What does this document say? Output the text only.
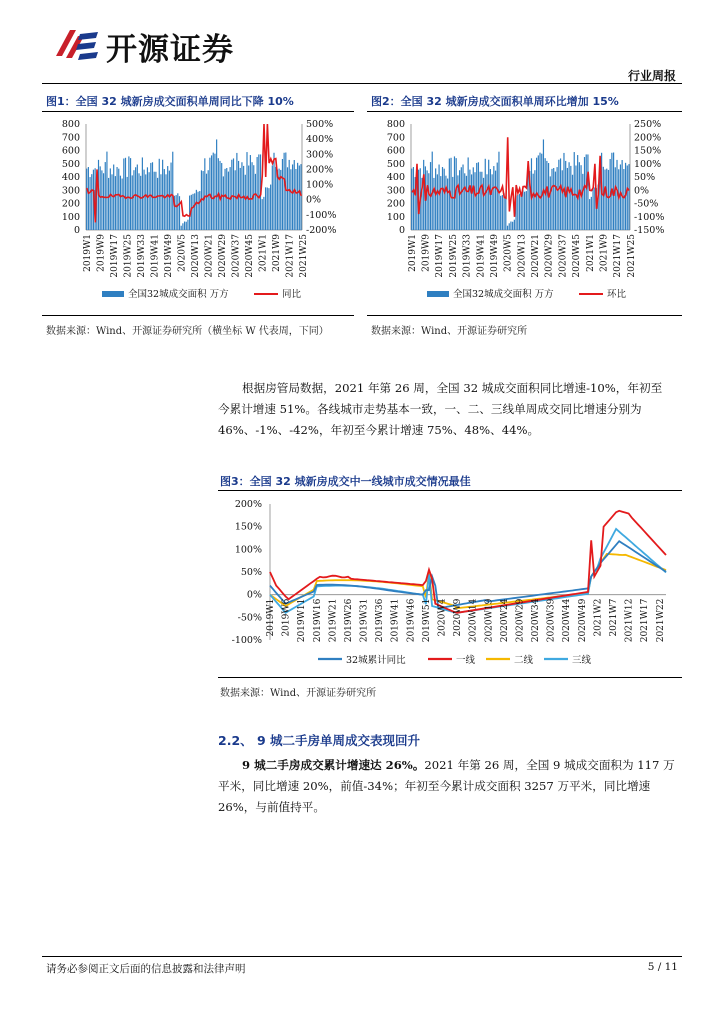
开源证券
行业周报
图1：全国 32 城新房成交面积单周同比下降 10%
800
700
600
500
400
300
200
100
0
500%
400%
300%
200%
100%
0%
-100%
-200%
2019W1 2019W9 2019W17 2019W25 2019W33 2019W41 2019W49 2020W5 2020W13 2020W21 2020W29 2020W37 2020W45 2021W1 2021W9 2021W17 2021W25
全国32城成交面积 万方	同比
数据来源：Wind、开源证券研究所（横坐标 W 代表周，下同）
图2：全国 32 城新房成交面积单周环比增加 15%
800
700
600
500
400
300
200
100
0
250%
200%
150%
100%
50%
0%
-50%
-100%
-150%
2019W1 2019W9 2019W17 2019W25 2019W33 2019W41 2019W49 2020W5 2020W13 2020W21 2020W29 2020W37 2020W45 2021W1 2021W9 2021W17 2021W25
全国32城成交面积 万方	环比
数据来源：Wind、开源证券研究所
根据房管局数据，2021 年第 26 周，全国 32 城成交面积同比增速-10%，年初至
今累计增速 51%。各线城市走势基本一致，一、二、三线单周成交同比增速分别为
46%、-1%、-42%，年初至今累计增速 75%、48%、44%。
图3：全国 32 城新房成交中一线城市成交情况最佳
200%
150%
100%
50%
0%
-50%
-100%
2019W1 2019W6 2019W11 2019W16 2019W21 2019W26 2019W31 2019W36 2019W41 2019W46 2019W51 2020W4 2020W9 2020W14 2020W19 2020W24 2020W29 2020W34 2020W39 2020W44 2020W49 2021W2 2021W7 2021W12 2021W17 2021W22
32城累计同比	一线	二线	三线
数据来源：Wind、开源证券研究所
2.2、 9 城二手房单周成交表现回升
9 城二手房成交累计增速达 26%。2021 年第 26 周，全国 9 城成交面积为 117 万
平米，同比增速 20%，前值-34%；年初至今累计成交面积 3257 万平米，同比增速
26%，与前值持平。
请务必参阅正文后面的信息披露和法律声明	5 / 11
